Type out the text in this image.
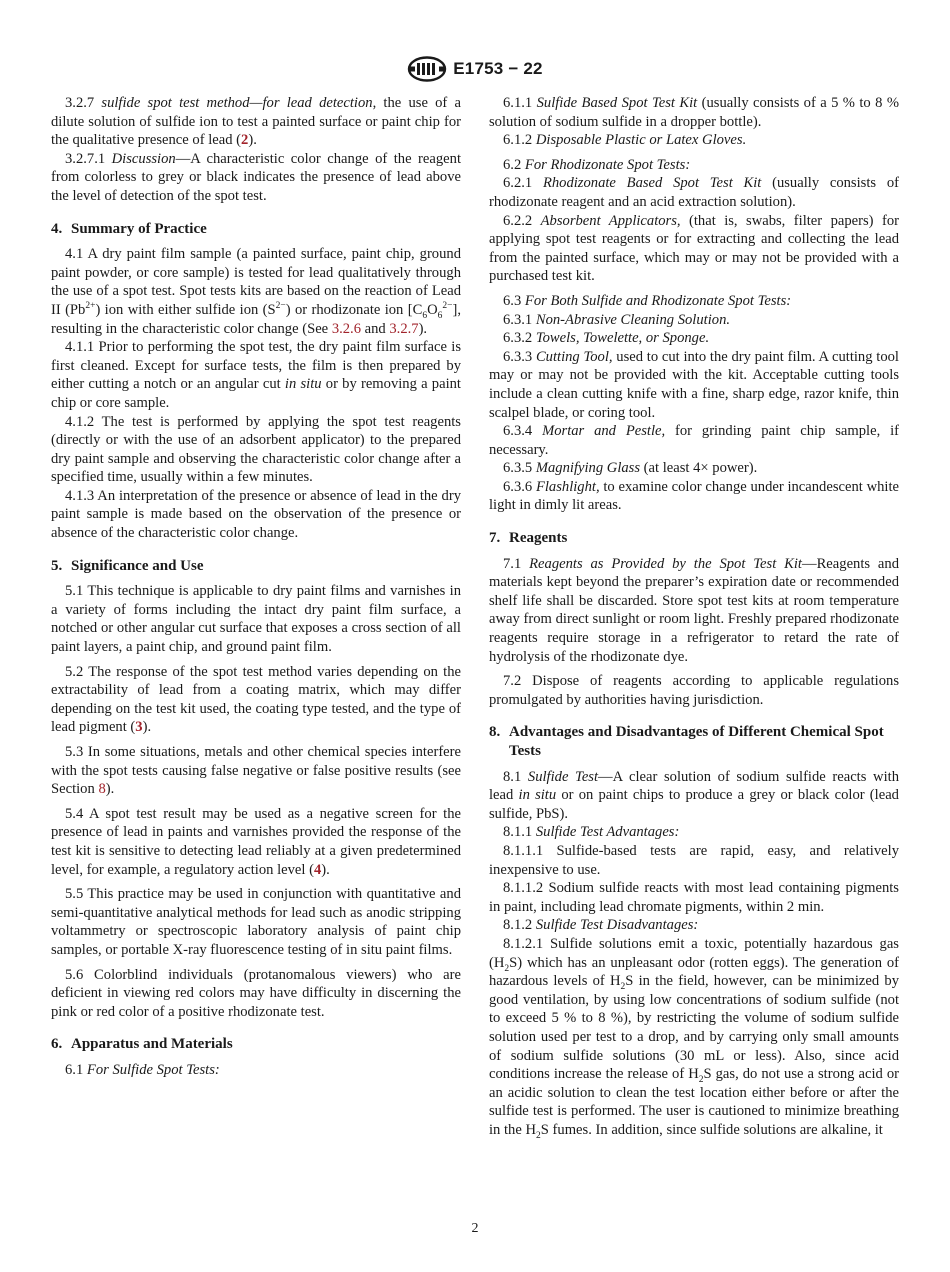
E1753 − 22

3.2.7 sulfide spot test method—for lead detection, the use of a dilute solution of sulfide ion to test a painted surface or paint chip for the qualitative presence of lead (2).

3.2.7.1 Discussion—A characteristic color change of the reagent from colorless to grey or black indicates the presence of lead above the level of detection of the spot test.

4. Summary of Practice

4.1 A dry paint film sample (a painted surface, paint chip, ground paint powder, or core sample) is tested for lead qualitatively through the use of a spot test. Spot tests kits are based on the reaction of Lead II $(Pb^{2+})$ ion with either sulfide ion $(S^{2-})$ or rhodizonate ion $[C_6O_6^{2-}]$, resulting in the characteristic color change (See 3.2.6 and 3.2.7).

4.1.1 Prior to performing the spot test, the dry paint film surface is first cleaned. Except for surface tests, the film is then prepared by either cutting a notch or an angular cut in situ or by removing a paint chip or core sample.

4.1.2 The test is performed by applying the spot test reagents (directly or with the use of an adsorbent applicator) to the prepared dry paint sample and observing the characteristic color change after a specified time, usually within a few minutes.

4.1.3 An interpretation of the presence or absence of lead in the dry paint sample is made based on the observation of the presence or absence of the characteristic color change.

5. Significance and Use

5.1 This technique is applicable to dry paint films and varnishes in a variety of forms including the intact dry paint film surface, a notched or other angular cut surface that exposes a cross section of all paint layers, a paint chip, and ground paint film.

5.2 The response of the spot test method varies depending on the extractability of lead from a coating matrix, which may differ depending on the test kit used, the coating type tested, and the type of lead pigment (3).

5.3 In some situations, metals and other chemical species interfere with the spot tests causing false negative or false positive results (see Section 8).

5.4 A spot test result may be used as a negative screen for the presence of lead in paints and varnishes provided the response of the test kit is sensitive to detecting lead reliably at a given predetermined level, for example, a regulatory action level (4).

5.5 This practice may be used in conjunction with quantitative and semi-quantitative analytical methods for lead such as anodic stripping voltammetry or spectroscopic laboratory analysis of paint chip samples, or portable X-ray fluorescence testing of in situ paint films.

5.6 Colorblind individuals (protanomalous viewers) who are deficient in viewing red colors may have difficulty in discerning the pink or red color of a positive rhodizonate test.

6. Apparatus and Materials

6.1 For Sulfide Spot Tests:

6.1.1 Sulfide Based Spot Test Kit (usually consists of a 5 % to 8 % solution of sodium sulfide in a dropper bottle).

6.1.2 Disposable Plastic or Latex Gloves.

6.2 For Rhodizonate Spot Tests:

6.2.1 Rhodizonate Based Spot Test Kit (usually consists of rhodizonate reagent and an acid extraction solution).

6.2.2 Absorbent Applicators, (that is, swabs, filter papers) for applying spot test reagents or for extracting and collecting the lead from the painted surface, which may or may not be provided with a purchased test kit.

6.3 For Both Sulfide and Rhodizonate Spot Tests:

6.3.1 Non-Abrasive Cleaning Solution.

6.3.2 Towels, Towelette, or Sponge.

6.3.3 Cutting Tool, used to cut into the dry paint film. A cutting tool may or may not be provided with the kit. Acceptable cutting tools include a clean cutting knife with a fine, sharp edge, razor knife, thin scalpel blade, or coring tool.

6.3.4 Mortar and Pestle, for grinding paint chip sample, if necessary.

6.3.5 Magnifying Glass (at least 4× power).

6.3.6 Flashlight, to examine color change under incandescent white light in dimly lit areas.

7. Reagents

7.1 Reagents as Provided by the Spot Test Kit—Reagents and materials kept beyond the preparer’s expiration date or recommended shelf life shall be discarded. Store spot test kits at room temperature away from direct sunlight or room light. Freshly prepared rhodizonate reagents require storage in a refrigerator to retard the rate of hydrolysis of the rhodizonate dye.

7.2 Dispose of reagents according to applicable regulations promulgated by authorities having jurisdiction.

8. Advantages and Disadvantages of Different Chemical Spot Tests

8.1 Sulfide Test—A clear solution of sodium sulfide reacts with lead in situ or on paint chips to produce a grey or black color (lead sulfide, PbS).

8.1.1 Sulfide Test Advantages:

8.1.1.1 Sulfide-based tests are rapid, easy, and relatively inexpensive to use.

8.1.1.2 Sodium sulfide reacts with most lead containing pigments in paint, including lead chromate pigments, within 2 min.

8.1.2 Sulfide Test Disadvantages:

8.1.2.1 Sulfide solutions emit a toxic, potentially hazardous gas $(H_2S)$ which has an unpleasant odor (rotten eggs). The generation of hazardous levels of $H_2S$ in the field, however, can be minimized by good ventilation, by using low concentrations of sodium sulfide (not to exceed 5 % to 8 %), by restricting the volume of sodium sulfide solution used per test to a drop, and by carrying only small amounts of sodium sulfide solutions (30 mL or less). Also, since acid conditions increase the release of $H_2S$ gas, do not use a strong acid or an acidic solution to clean the test location either before or after the sulfide test is performed. The user is cautioned to minimize breathing in the $H_2S$ fumes. In addition, since sulfide solutions are alkaline, it

2
